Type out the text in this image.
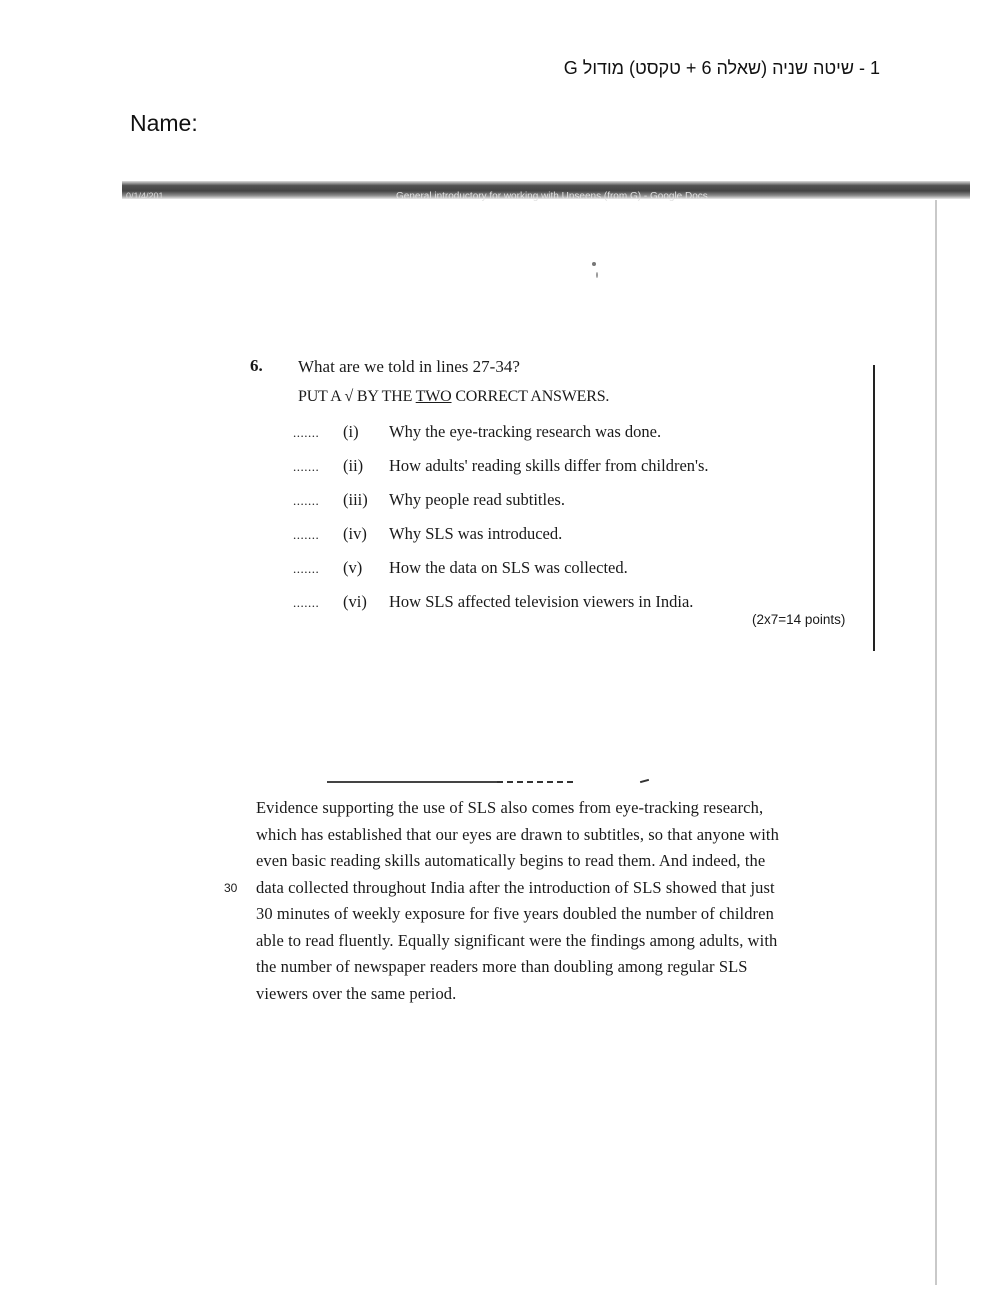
1 - שיטה שניה (שאלה 6 + טקסט) מודול G
Name:
0/1/4/201	General introductory for working with Unseens (from G) - Google Docs
6. What are we told in lines 27-34?
PUT A √ BY THE TWO CORRECT ANSWERS.
....... (i) Why the eye-tracking research was done.
....... (ii) How adults' reading skills differ from children's.
....... (iii) Why people read subtitles.
....... (iv) Why SLS was introduced.
....... (v) How the data on SLS was collected.
....... (vi) How SLS affected television viewers in India.
(2x7=14 points)
30
Evidence supporting the use of SLS also comes from eye-tracking research,
which has established that our eyes are drawn to subtitles, so that anyone with
even basic reading skills automatically begins to read them. And indeed, the
data collected throughout India after the introduction of SLS showed that just
30 minutes of weekly exposure for five years doubled the number of children
able to read fluently. Equally significant were the findings among adults, with
the number of newspaper readers more than doubling among regular SLS
viewers over the same period.
